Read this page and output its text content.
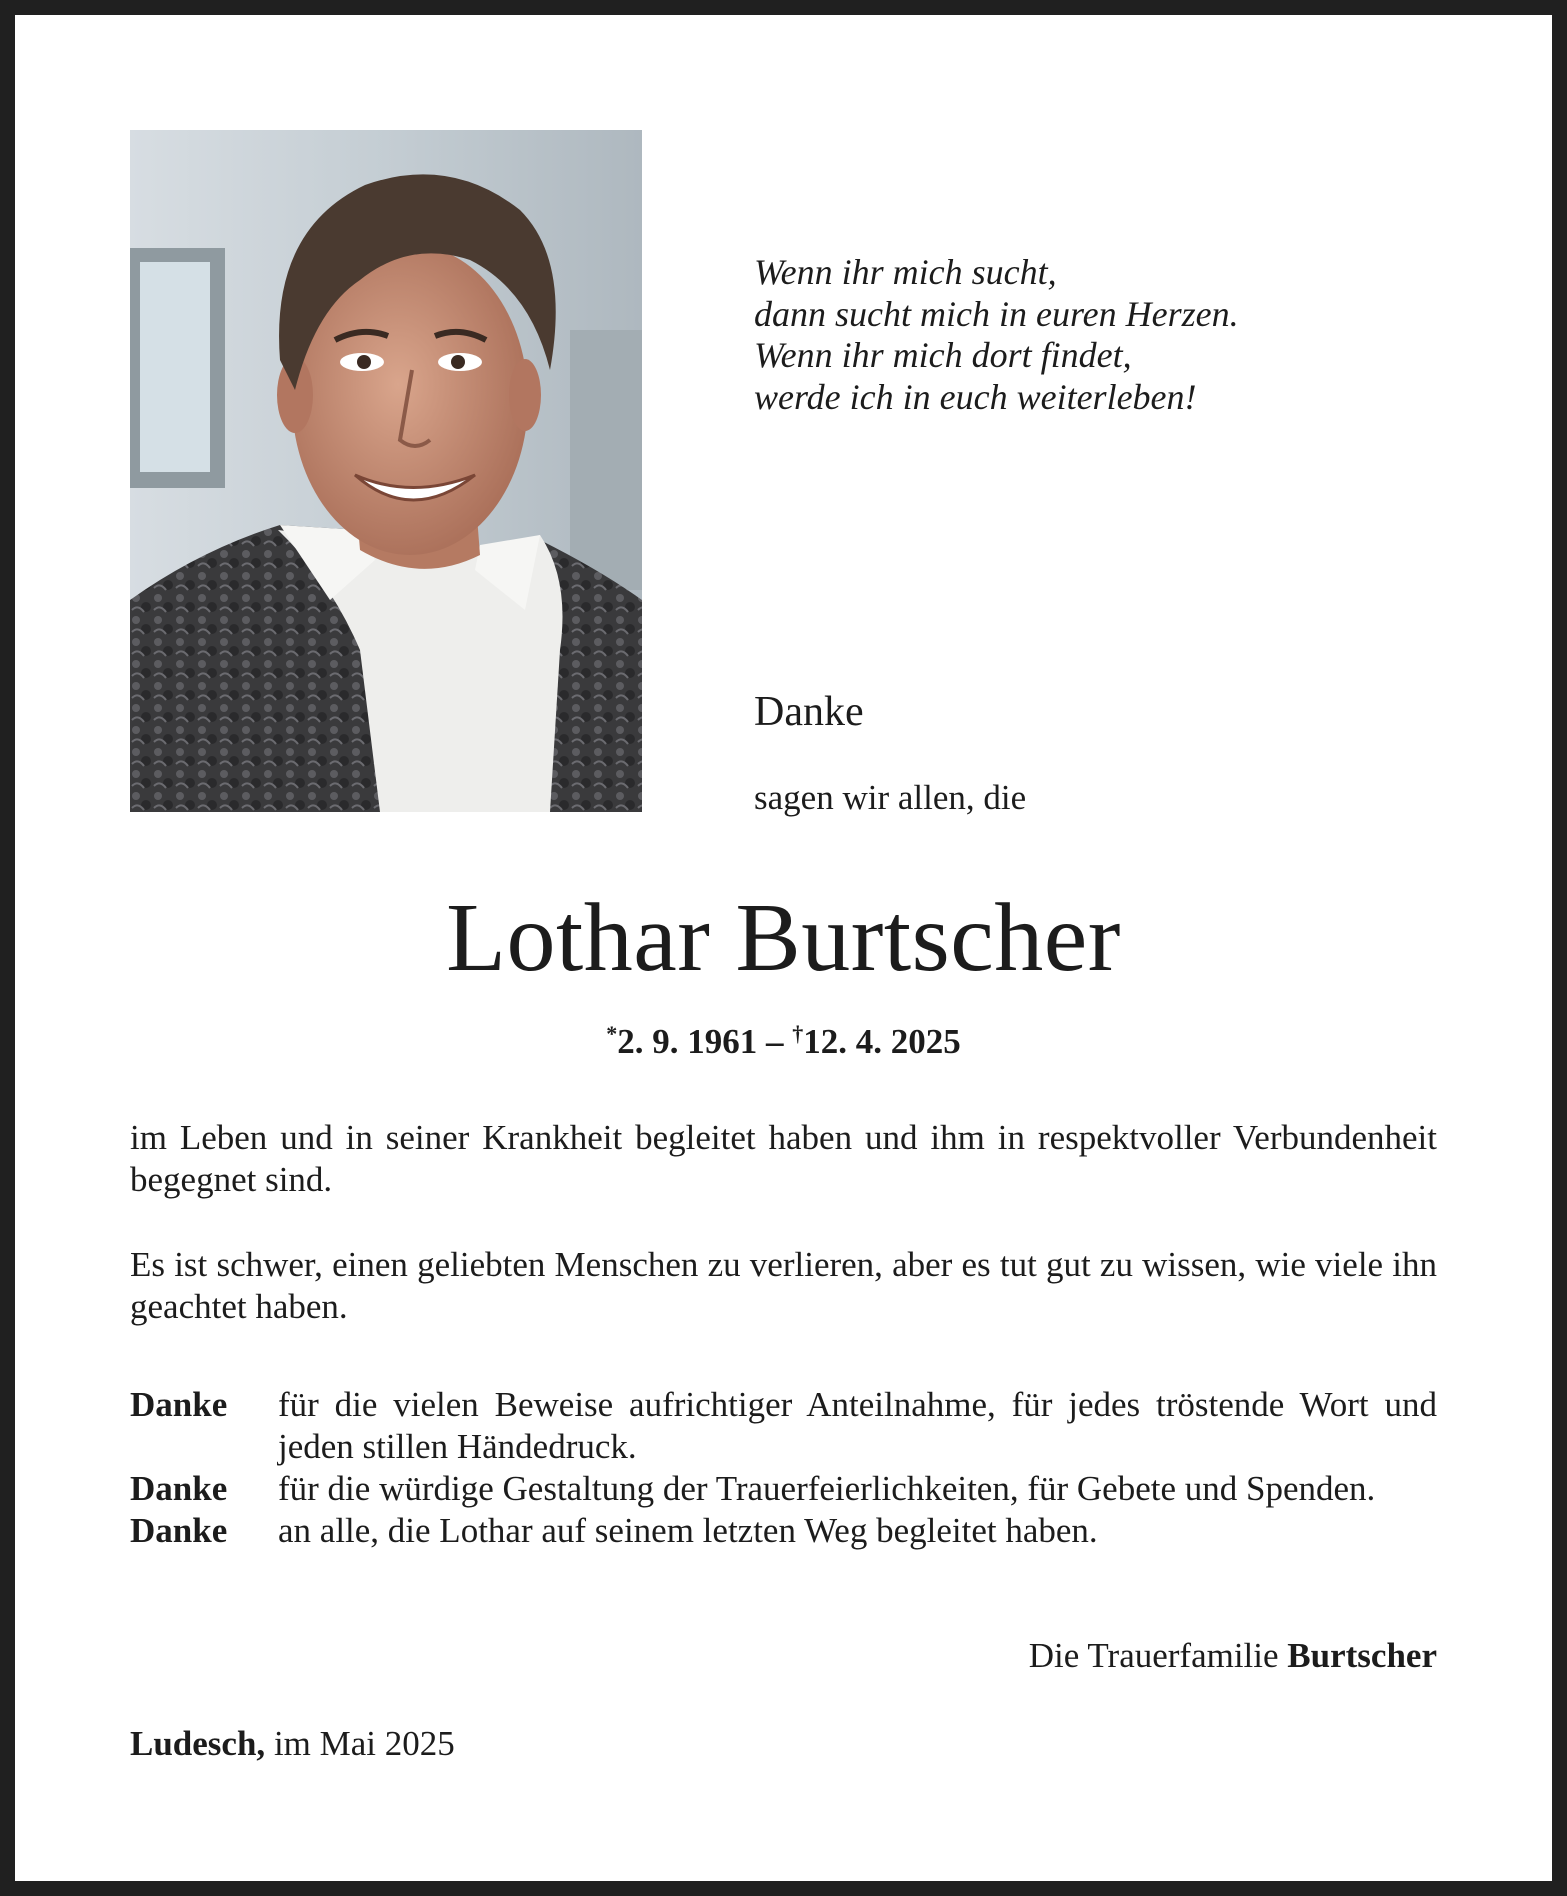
Wenn ihr mich sucht,
dann sucht mich in euren Herzen.
Wenn ihr mich dort findet,
werde ich in euch weiterleben!

Danke

sagen wir allen, die

Lothar Burtscher
*2. 9. 1961 – †12. 4. 2025

im Leben und in seiner Krankheit begleitet haben und ihm in respektvoller Verbundenheit begegnet sind.

Es ist schwer, einen geliebten Menschen zu verlieren, aber es tut gut zu wissen, wie viele ihn geachtet haben.

Danke	für die vielen Beweise aufrichtiger Anteilnahme, für jedes tröstende Wort und jeden stillen Händedruck.
Danke	für die würdige Gestaltung der Trauerfeierlichkeiten, für Gebete und Spenden.
Danke	an alle, die Lothar auf seinem letzten Weg begleitet haben.

Die Trauerfamilie Burtscher

Ludesch, im Mai 2025
